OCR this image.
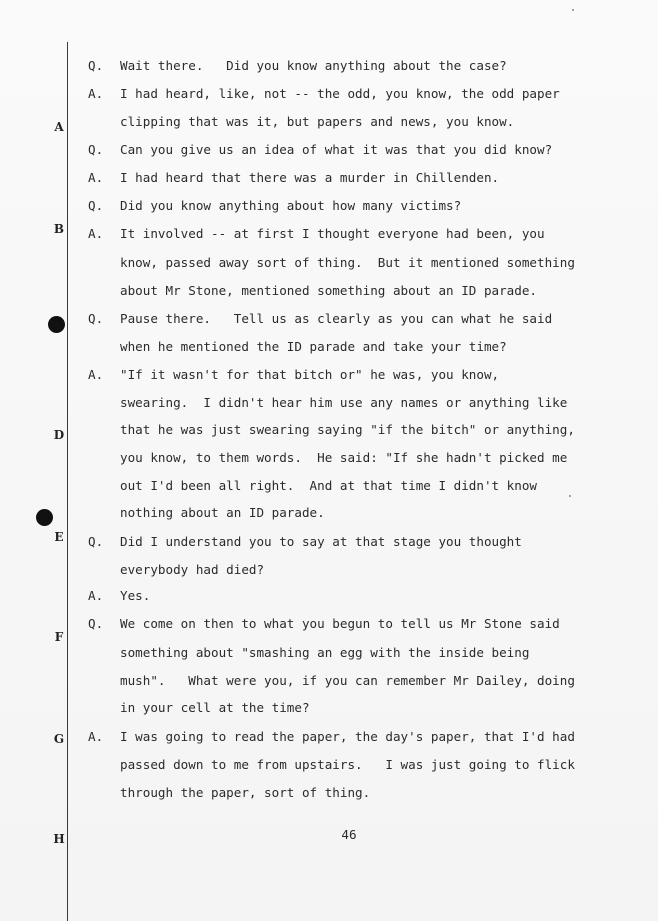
A
B
D
E
F
G
H
Q. Wait there.   Did you know anything about the case?
A. I had heard, like, not -- the odd, you know, the odd paper
clipping that was it, but papers and news, you know.
Q. Can you give us an idea of what it was that you did know?
A. I had heard that there was a murder in Chillenden.
Q. Did you know anything about how many victims?
A. It involved -- at first I thought everyone had been, you
know, passed away sort of thing.  But it mentioned something
about Mr Stone, mentioned something about an ID parade.
Q. Pause there.   Tell us as clearly as you can what he said
when he mentioned the ID parade and take your time?
A. "If it wasn't for that bitch or" he was, you know,
swearing.  I didn't hear him use any names or anything like
that he was just swearing saying "if the bitch" or anything,
you know, to them words.  He said: "If she hadn't picked me
out I'd been all right.  And at that time I didn't know
nothing about an ID parade.
Q. Did I understand you to say at that stage you thought
everybody had died?
A. Yes.
Q. We come on then to what you begun to tell us Mr Stone said
something about "smashing an egg with the inside being
mush".   What were you, if you can remember Mr Dailey, doing
in your cell at the time?
A. I was going to read the paper, the day's paper, that I'd had
passed down to me from upstairs.   I was just going to flick
through the paper, sort of thing.
46
